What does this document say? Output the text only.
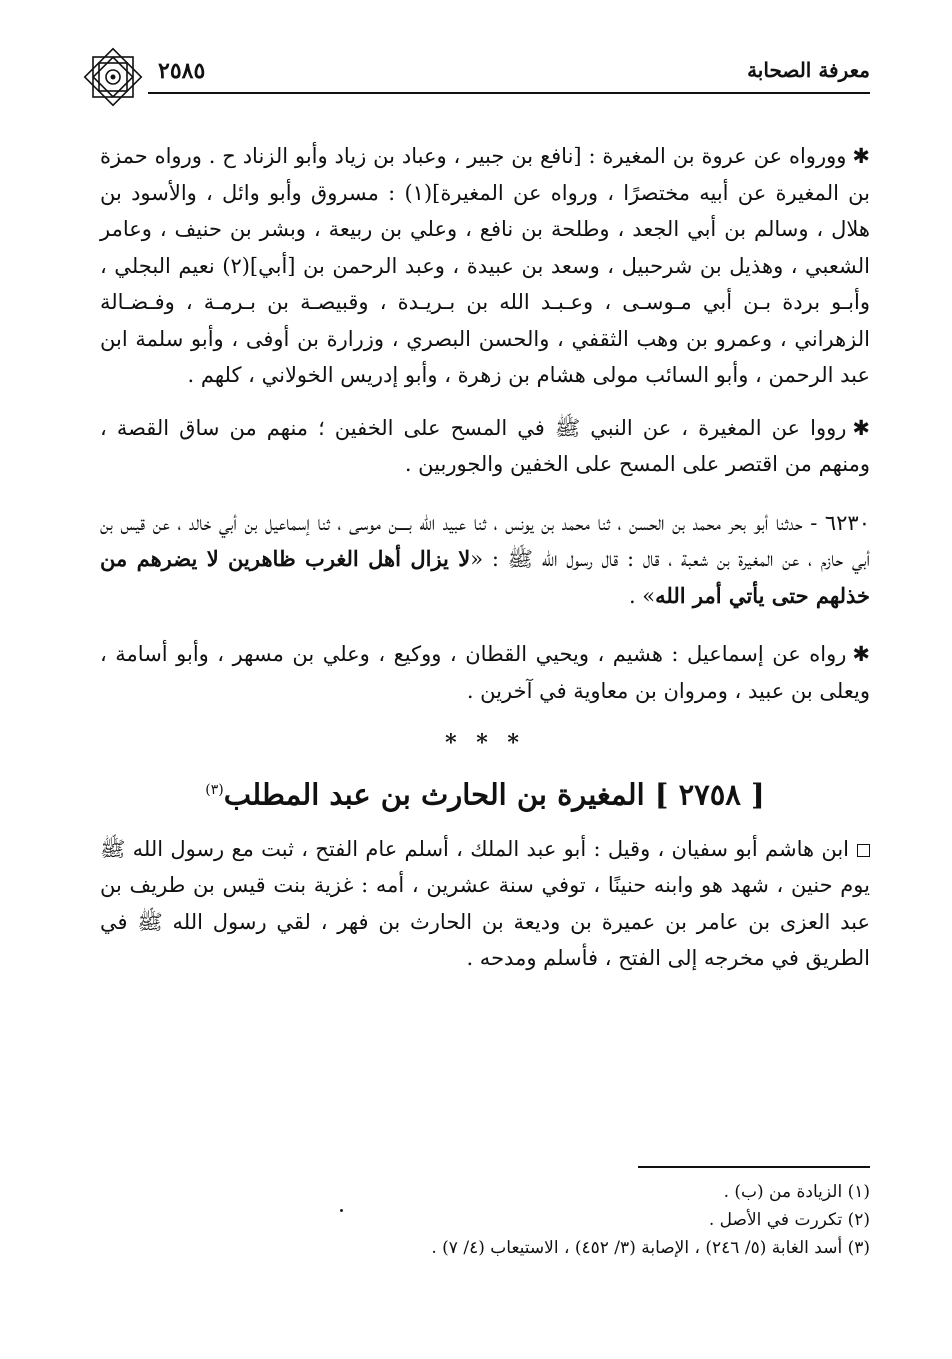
معرفة الصحابة
٢٥٨٥

✱وورواه عن عروة بن المغيرة : [نافع بن جبير ، وعباد بن زياد وأبو الزناد ح . ورواه حمزة بن المغيرة عن أبيه مختصرًا ، ورواه عن المغيرة](١) : مسروق وأبو وائل ، والأسود بن هلال ، وسالم بن أبي الجعد ، وطلحة بن نافع ، وعلي بن ربيعة ، وبشر بن حنيف ، وعامر الشعبي ، وهذيل بن شرحبيل ، وسعد بن عبيدة ، وعبد الرحمن بن [أبي](٢) نعيم البجلي ، وأبـو بردة بـن أبي مـوسـى ، وعـبـد الله بن بـريـدة ، وقبيصـة بن بـرمـة ، وفـضـالة الزهراني ، وعمرو بن وهب الثقفي ، والحسن البصري ، وزرارة بن أوفى ، وأبو سلمة ابن عبد الرحمن ، وأبو السائب مولى هشام بن زهرة ، وأبو إدريس الخولاني ، كلهم .

✱رووا عن المغيرة ، عن النبي ﷺ في المسح على الخفين ؛ منهم من ساق القصة ، ومنهم من اقتصر على المسح على الخفين والجوربين .

٦٢٣٠ - حدثنا أبو بحر محمد بن الحسن ، ثنا محمد بن يونس ، ثنا عبيد الله بــــن موسى ، ثنا إسماعيل بن أبي خالد ، عن قيس بن أبي حازم ، عن المغيرة بن شعبة ، قال : قال رسول الله ﷺ : «لا يزال أهل الغرب ظاهرين لا يضرهم من خذلهم حتى يأتي أمر الله» .

✱رواه عن إسماعيل : هشيم ، ويحيي القطان ، ووكيع ، وعلي بن مسهر ، وأبو أسامة ، ويعلى بن عبيد ، ومروان بن معاوية في آخرين .

* * *
[ ٢٧٥٨ ] المغيرة بن الحارث بن عبد المطلب$^{(٣)}$

ابن هاشم أبو سفيان ، وقيل : أبو عبد الملك ، أسلم عام الفتح ، ثبت مع رسول الله ﷺ يوم حنين ، شهد هو وابنه حنينًا ، توفي سنة عشرين ، أمه : غزية بنت قيس بن طريف بن عبد العزى بن عامر بن عميرة بن وديعة بن الحارث بن فهر ، لقي رسول الله ﷺ في الطريق في مخرجه إلى الفتح ، فأسلم ومدحه .

(١) الزيادة من (ب) .
(٢) تكررت في الأصل .
(٣) أسد الغابة (٥/ ٢٤٦) ، الإصابة (٣/ ٤٥٢) ، الاستيعاب (٤/ ٧) .
